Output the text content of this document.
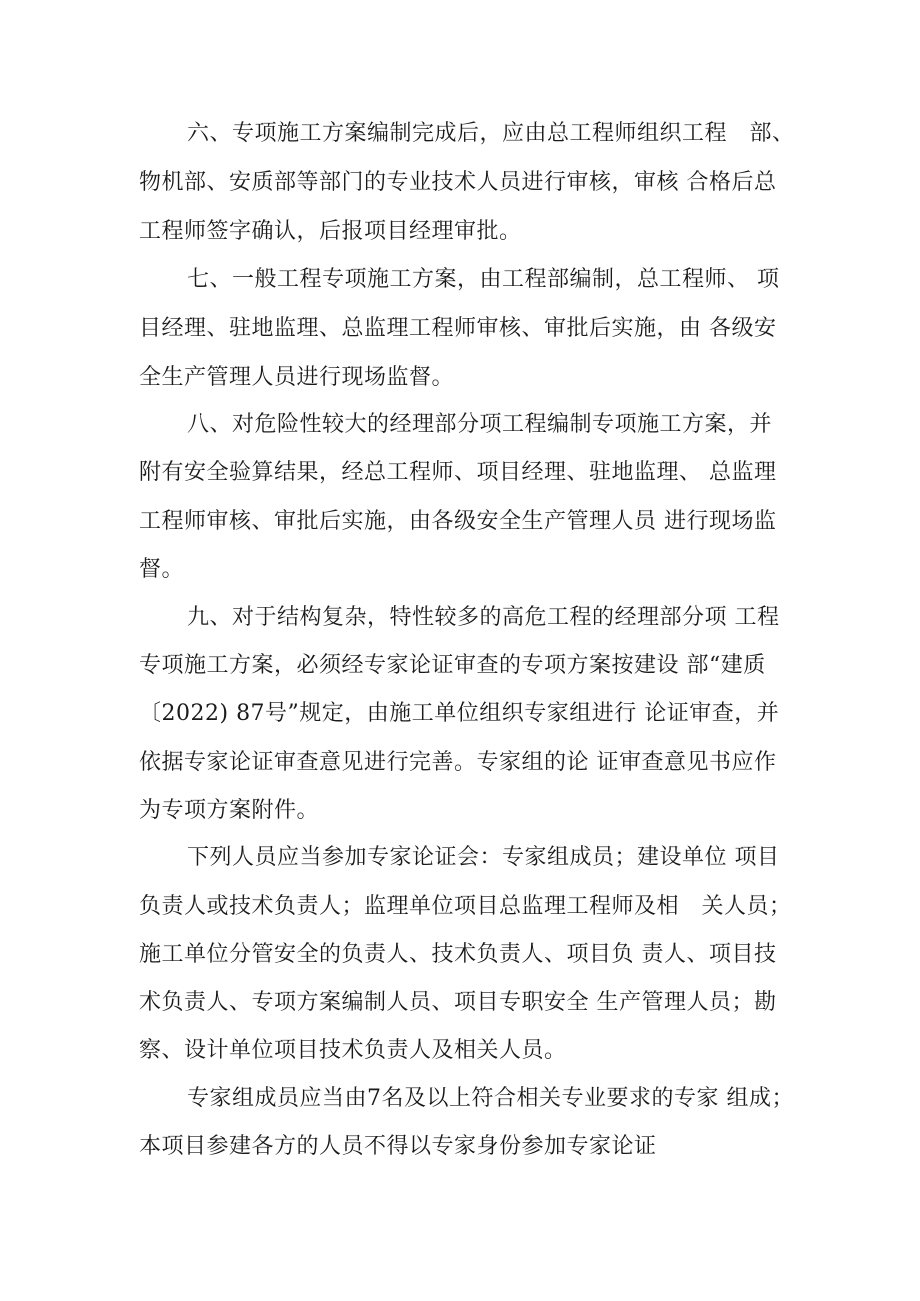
六、专项施工方案编制完成后，应由总工程师组织工程   部、
物机部、安质部等部门的专业技术人员进行审核，审核 合格后总
工程师签字确认，后报项目经理审批。
七、一般工程专项施工方案，由工程部编制，总工程师、 项
目经理、驻地监理、总监理工程师审核、审批后实施，由 各级安
全生产管理人员进行现场监督。
八、对危险性较大的经理部分项工程编制专项施工方案，并
附有安全验算结果，经总工程师、项目经理、驻地监理、 总监理
工程师审核、审批后实施，由各级安全生产管理人员 进行现场监
督。
九、对于结构复杂，特性较多的高危工程的经理部分项 工程
专项施工方案，必须经专家论证审查的专项方案按建设 部“建质
〔2022) 87号”规定，由施工单位组织专家组进行 论证审查，并
依据专家论证审查意见进行完善。专家组的论 证审查意见书应作
为专项方案附件。
下列人员应当参加专家论证会：专家组成员；建设单位 项目
负责人或技术负责人；监理单位项目总监理工程师及相   关人员；
施工单位分管安全的负责人、技术负责人、项目负 责人、项目技
术负责人、专项方案编制人员、项目专职安全 生产管理人员；勘
察、设计单位项目技术负责人及相关人员。
专家组成员应当由7名及以上符合相关专业要求的专家 组成；
本项目参建各方的人员不得以专家身份参加专家论证
